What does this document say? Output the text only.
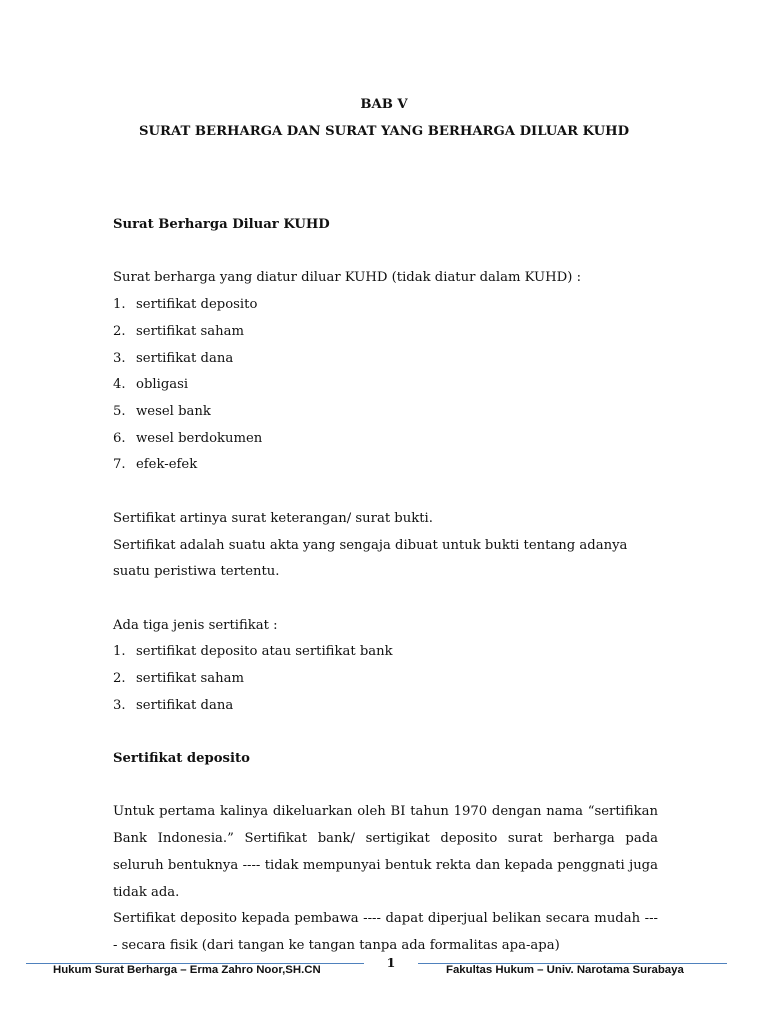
BAB V
SURAT BERHARGA DAN SURAT YANG BERHARGA DILUAR KUHD
Surat Berharga Diluar KUHD
Surat berharga yang diatur diluar KUHD (tidak diatur dalam KUHD) :
1. sertifikat deposito
2. sertifikat saham
3. sertifikat dana
4. obligasi
5. wesel bank
6. wesel berdokumen
7. efek-efek
Sertifikat artinya surat keterangan/ surat bukti.
Sertifikat adalah suatu akta yang sengaja dibuat untuk bukti tentang adanya suatu peristiwa tertentu.
Ada tiga jenis sertifikat :
1. sertifikat deposito atau sertifikat bank
2. sertifikat saham
3. sertifikat dana
Sertifikat deposito
Untuk pertama kalinya dikeluarkan oleh BI tahun 1970 dengan nama “sertifikan Bank Indonesia.” Sertifikat bank/ sertigikat deposito surat berharga pada seluruh bentuknya ---- tidak mempunyai bentuk rekta dan kepada penggnati juga tidak ada.
Sertifikat deposito kepada pembawa ---- dapat diperjual belikan secara mudah ---- secara fisik (dari tangan ke tangan tanpa ada formalitas apa-apa)
1
Hukum Surat Berharga – Erma Zahro Noor,SH.CN	Fakultas Hukum – Univ. Narotama Surabaya
